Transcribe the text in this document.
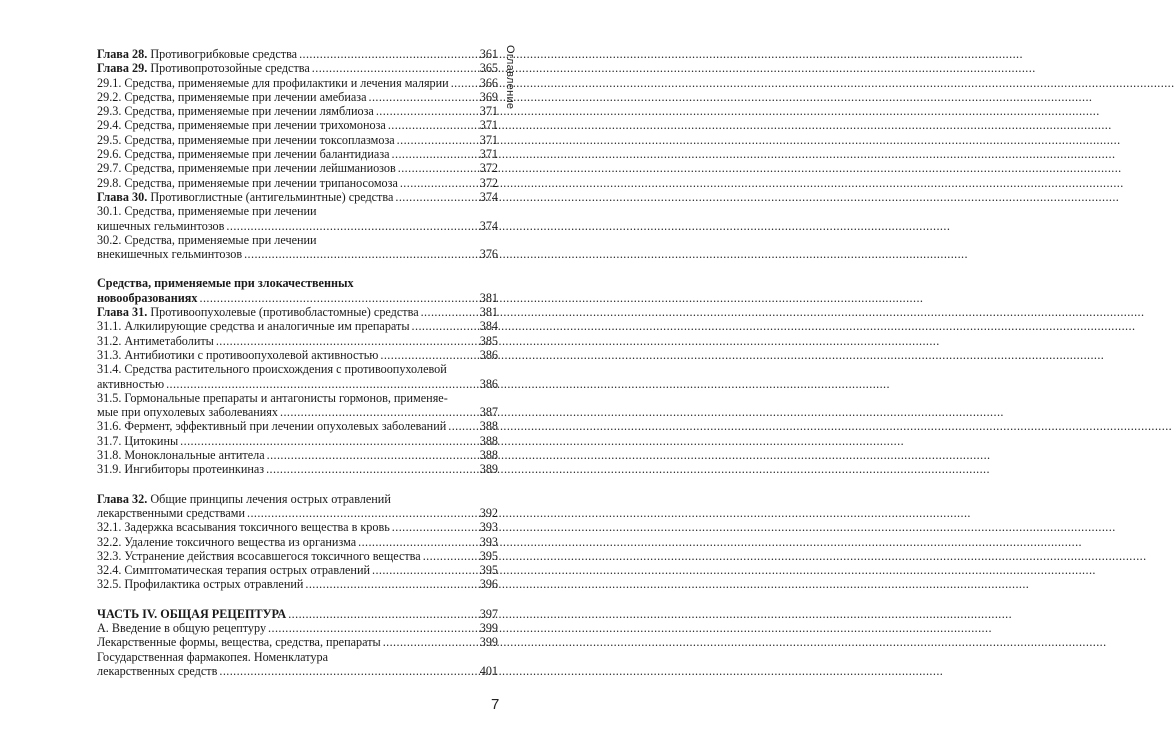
Глава 28. Противогрибковые средства .....	361
Глава 29. Противопротозойные средства .....	365
29.1. Средства, применяемые для профилактики и лечения малярии .....	366
29.2. Средства, применяемые при лечении амебиаза .....	369
29.3. Средства, применяемые при лечении лямблиоза .....	371
29.4. Средства, применяемые при лечении трихомоноза .....	371
29.5. Средства, применяемые при лечении токсоплазмоза .....	371
29.6. Средства, применяемые при лечении балантидиаза .....	371
29.7. Средства, применяемые при лечении лейшманиозов .....	372
29.8. Средства, применяемые при лечении трипаносомоза .....	372
Глава 30. Противоглистные (антигельминтные) средства .....	374
30.1. Средства, применяемые при лечении
кишечных гельминтозов .....	374
30.2. Средства, применяемые при лечении
внекишечных гельминтозов .....	376
Средства, применяемые при злокачественных
новообразованиях .....	381
Глава 31. Противоопухолевые (противобластомные) средства .....	381
31.1. Алкилирующие средства и аналогичные им препараты .....	384
31.2. Антиметаболиты .....	385
31.3. Антибиотики с противоопухолевой активностью .....	386
31.4. Средства растительного происхождения с противоопухолевой
активностью .....	386
31.5. Гормональные препараты и антагонисты гормонов, применяе-
мые при опухолевых заболеваниях .....	387
31.6. Фермент, эффективный при лечении опухолевых заболеваний .....	388
31.7. Цитокины .....	388
31.8. Моноклональные антитела .....	388
31.9. Ингибиторы протеинкиназ .....	389
Глава 32. Общие принципы лечения острых отравлений
лекарственными средствами .....	392
32.1. Задержка всасывания токсичного вещества в кровь .....	393
32.2. Удаление токсичного вещества из организма .....	393
32.3. Устранение действия всосавшегося токсичного вещества .....	395
32.4. Симптоматическая терапия острых отравлений .....	395
32.5. Профилактика острых отравлений .....	396
ЧАСТЬ IV. ОБЩАЯ РЕЦЕПТУРА .....	397
А. Введение в общую рецептуру .....	399
Лекарственные формы, вещества, средства, препараты .....	399
Государственная фармакопея. Номенклатура
лекарственных средств .....	401
Оглавление
7
